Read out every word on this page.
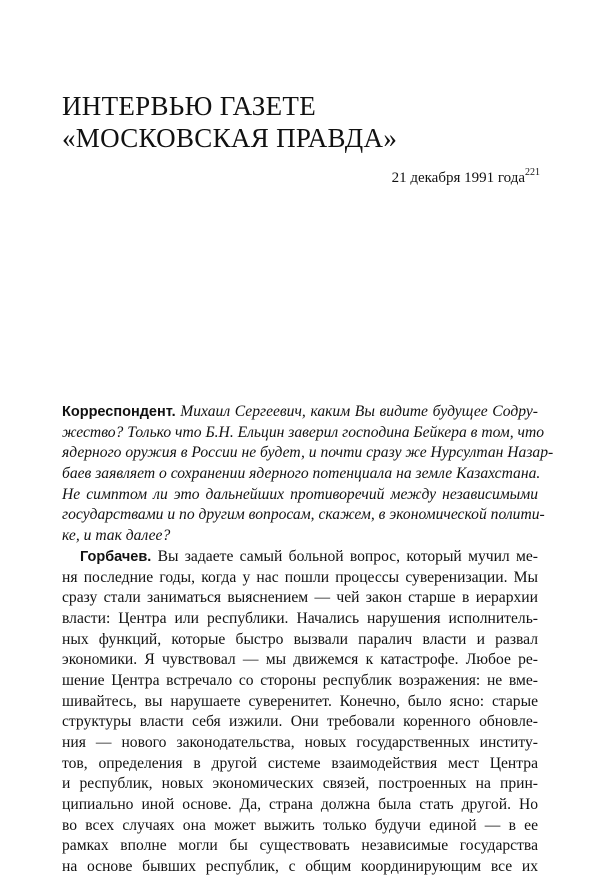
ИНТЕРВЬЮ ГАЗЕТЕ
«МОСКОВСКАЯ ПРАВДА»
21 декабря 1991 года$^{221}$
Корреспондент. Михаил Сергеевич, каким Вы видите будущее Содру-
жество? Только что Б.Н. Ельцин заверил господина Бейкера в том, что
ядерного оружия в России не будет, и почти сразу же Нурсултан Назар-
баев заявляет о сохранении ядерного потенциала на земле Казахстана.
Не симптом ли это дальнейших противоречий между независимыми
государствами и по другим вопросам, скажем, в экономической полити-
ке, и так далее?
Горбачев. Вы задаете самый больной вопрос, который мучил ме-
ня последние годы, когда у нас пошли процессы суверенизации. Мы
сразу стали заниматься выяснением — чей закон старше в иерархии
власти: Центра или республики. Начались нарушения исполнитель-
ных функций, которые быстро вызвали паралич власти и развал
экономики. Я чувствовал — мы движемся к катастрофе. Любое ре-
шение Центра встречало со стороны республик возражения: не вме-
шивайтесь, вы нарушаете суверенитет. Конечно, было ясно: старые
структуры власти себя изжили. Они требовали коренного обновле-
ния — нового законодательства, новых государственных институ-
тов, определения в другой системе взаимодействия мест Центра
и республик, новых экономических связей, построенных на прин-
ципиально иной основе. Да, страна должна была стать другой. Но
во всех случаях она может выжить только будучи единой — в ее
рамках вполне могли бы существовать независимые государства
на основе бывших республик, с общим координирующим все их
